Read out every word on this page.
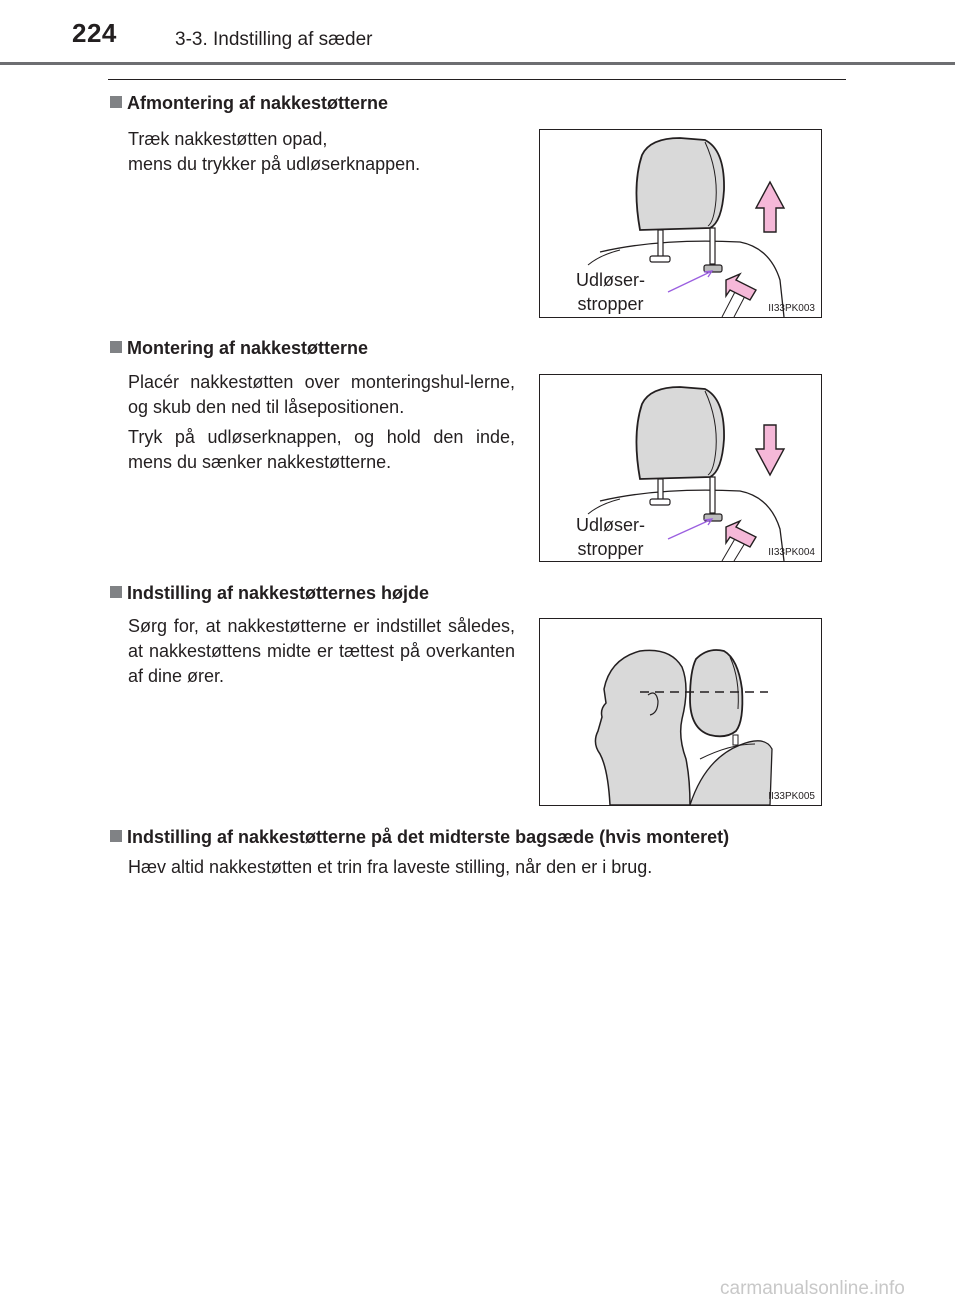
224	3-3. Indstilling af sæder
Afmontering af nakkestøtterne

Træk nakkestøtten opad,
mens du trykker på udløserknappen.

Udløser-
stropper	II33PK003
Montering af nakkestøtterne

Placér nakkestøtten over monteringshul-lerne, og skub den ned til låsepositionen.

Tryk på udløserknappen, og hold den inde, mens du sænker nakkestøtterne.

Udløser-
stropper	II33PK004
Indstilling af nakkestøtternes højde

Sørg for, at nakkestøtterne er indstillet således, at nakkestøttens midte er tættest på overkanten af dine ører.

II33PK005
Indstilling af nakkestøtterne på det midterste bagsæde (hvis monteret)

Hæv altid nakkestøtten et trin fra laveste stilling, når den er i brug.

carmanualsonline.info
